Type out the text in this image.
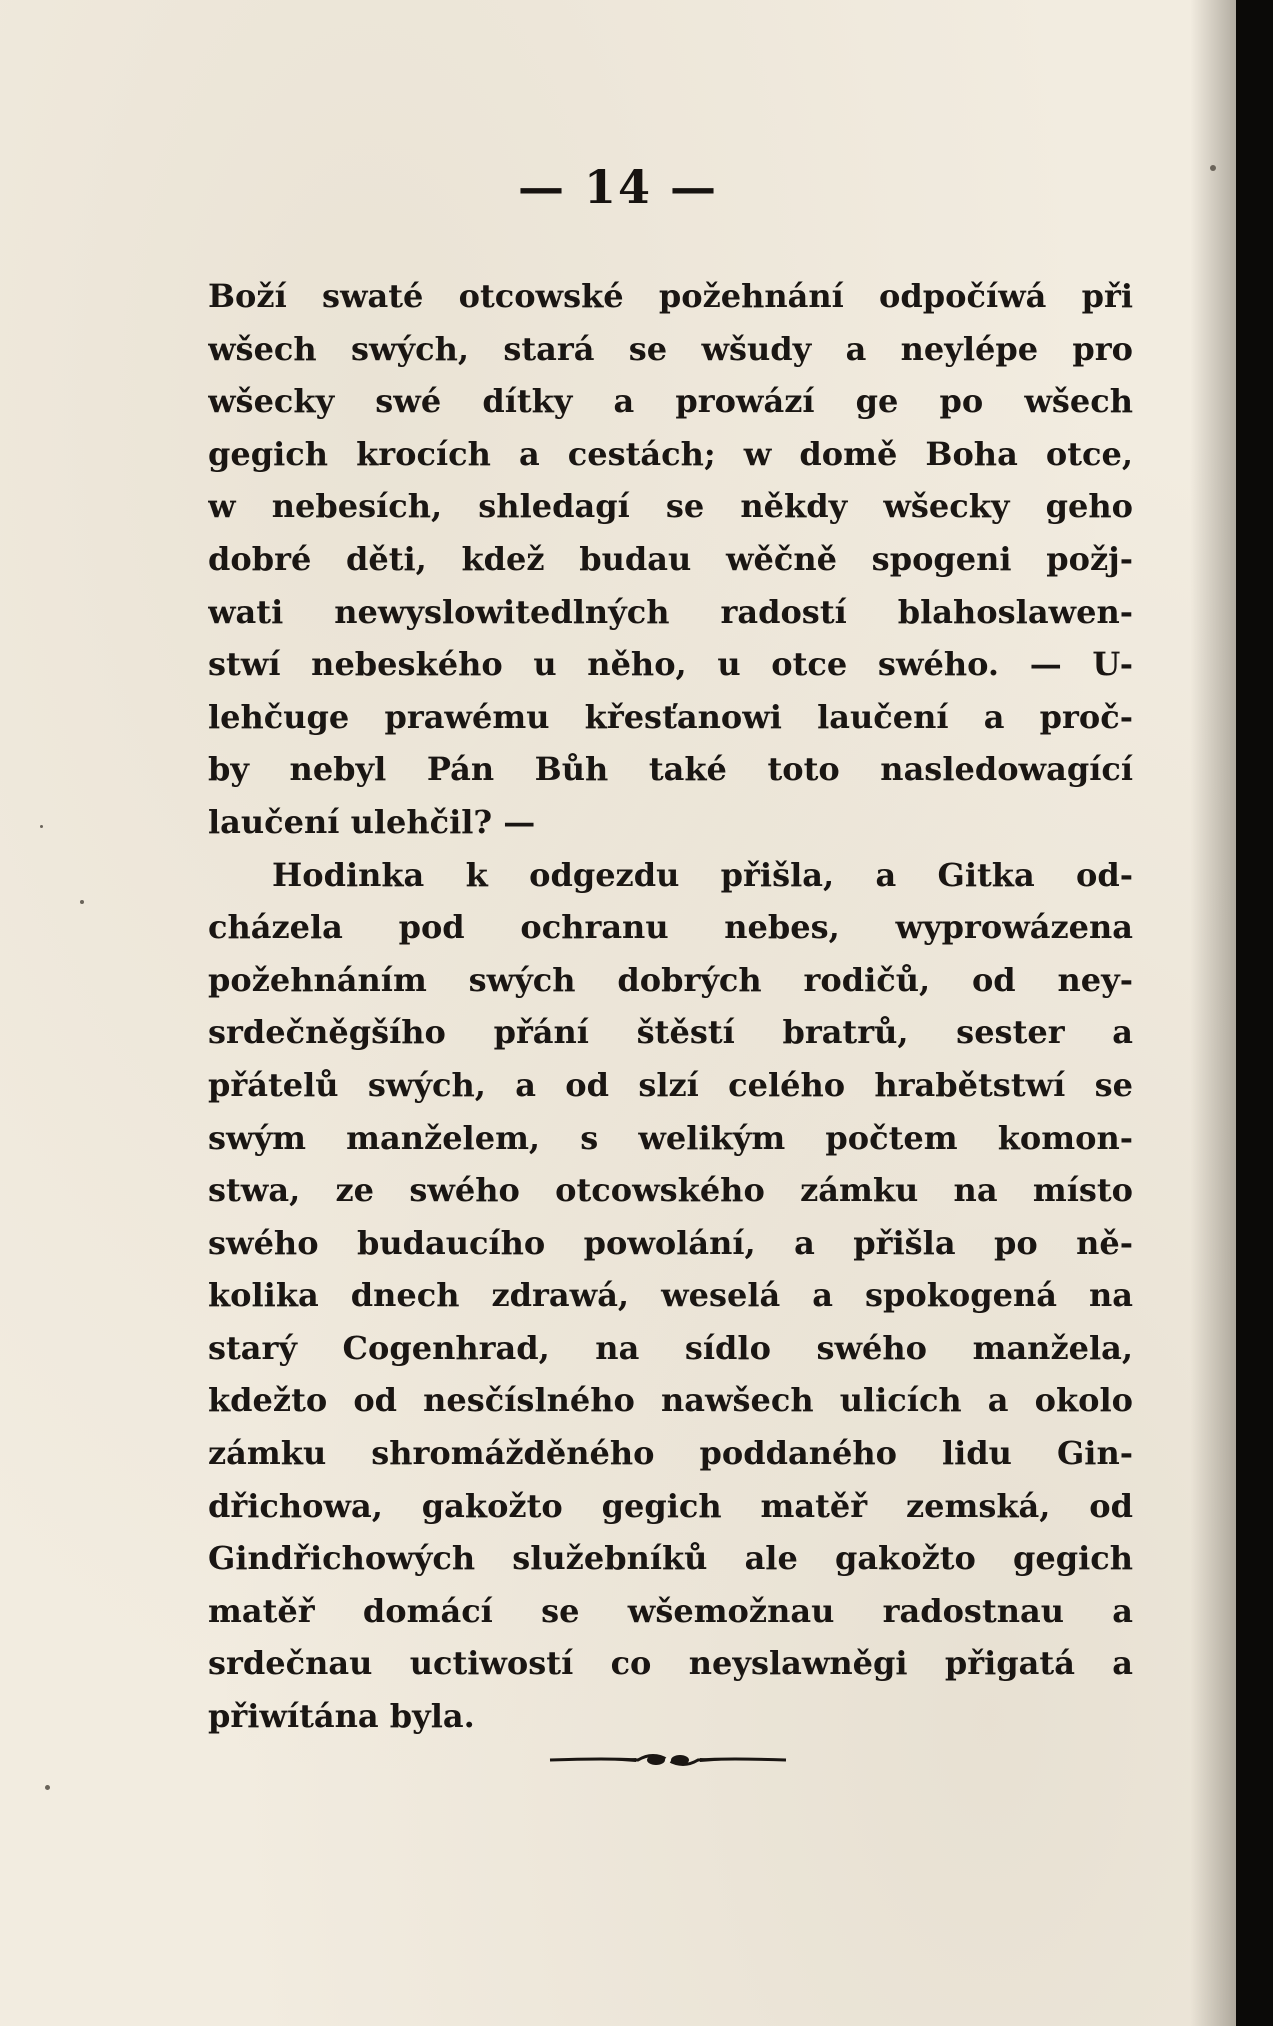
— 14 —
Boží swaté otcowské požehnání odpočíwá při
wšech swých, stará se wšudy a neylépe pro
wšecky swé dítky a prowází ge po wšech
gegich krocích a cestách; w domě Boha otce,
w nebesích, shledagí se někdy wšecky geho
dobré děti, kdež budau wěčně spogeni požj-
wati newyslowitedlných radostí blahoslawen-
stwí nebeského u něho, u otce swého. — U-
lehčuge prawému křesťanowi laučení a proč-
by nebyl Pán Bůh také toto nasledowagící
laučení ulehčil? —
Hodinka k odgezdu přišla, a Gitka od-
cházela pod ochranu nebes, wyprowázena
požehnáním swých dobrých rodičů, od ney-
srdečněgšího přání štěstí bratrů, sester a
přátelů swých, a od slzí celého hrabětstwí se
swým manželem, s welikým počtem komon-
stwa, ze swého otcowského zámku na místo
swého budaucího powolání, a přišla po ně-
kolika dnech zdrawá, weselá a spokogená na
starý Cogenhrad, na sídlo swého manžela,
kdežto od nesčíslného nawšech ulicích a okolo
zámku shromážděného poddaného lidu Gin-
dřichowa, gakožto gegich matěř zemská, od
Gindřichowých služebníků ale gakožto gegich
matěř domácí se wšemožnau radostnau a
srdečnau uctiwostí co neyslawněgi přigatá a
přiwítána byla.
